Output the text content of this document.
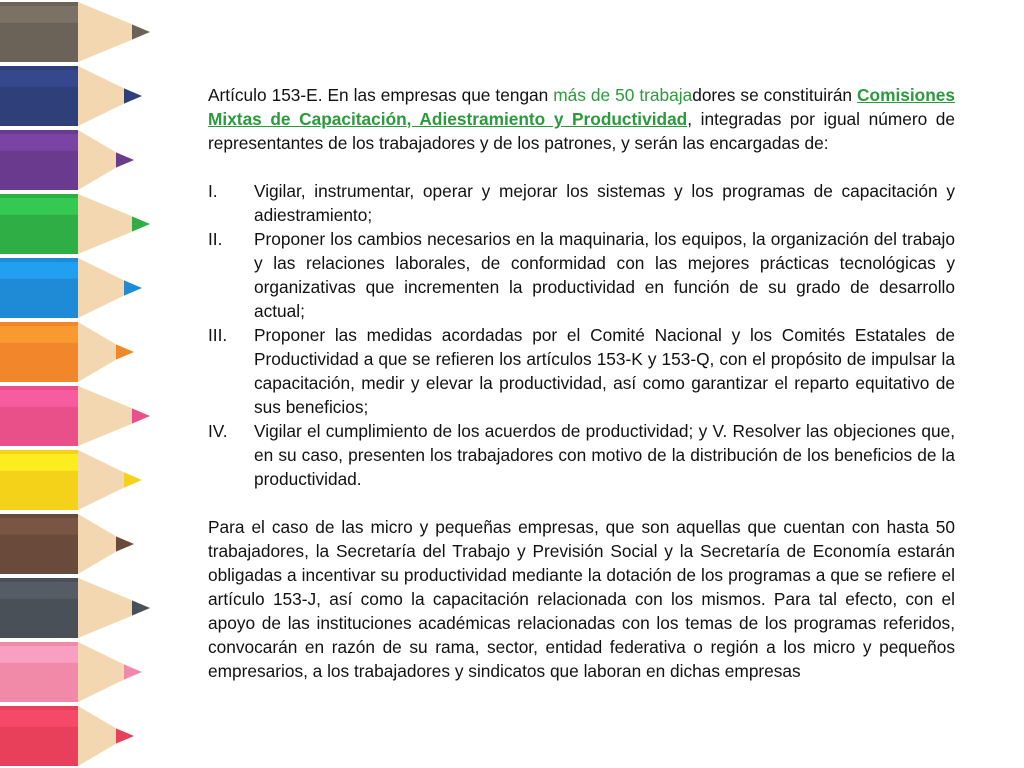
Artículo 153-E. En las empresas que tengan más de 50 trabajadores se constituirán Comisiones Mixtas de Capacitación, Adiestramiento y Productividad, integradas por igual número de representantes de los trabajadores y de los patrones, y serán las encargadas de:

I. Vigilar, instrumentar, operar y mejorar los sistemas y los programas de capacitación y adiestramiento;
II. Proponer los cambios necesarios en la maquinaria, los equipos, la organización del trabajo y las relaciones laborales, de conformidad con las mejores prácticas tecnológicas y organizativas que incrementen la productividad en función de su grado de desarrollo actual;
III. Proponer las medidas acordadas por el Comité Nacional y los Comités Estatales de Productividad a que se refieren los artículos 153-K y 153-Q, con el propósito de impulsar la capacitación, medir y elevar la productividad, así como garantizar el reparto equitativo de sus beneficios;
IV. Vigilar el cumplimiento de los acuerdos de productividad; y V. Resolver las objeciones que, en su caso, presenten los trabajadores con motivo de la distribución de los beneficios de la productividad.

Para el caso de las micro y pequeñas empresas, que son aquellas que cuentan con hasta 50 trabajadores, la Secretaría del Trabajo y Previsión Social y la Secretaría de Economía estarán obligadas a incentivar su productividad mediante la dotación de los programas a que se refiere el artículo 153-J, así como la capacitación relacionada con los mismos. Para tal efecto, con el apoyo de las instituciones académicas relacionadas con los temas de los programas referidos, convocarán en razón de su rama, sector, entidad federativa o región a los micro y pequeños empresarios, a los trabajadores y sindicatos que laboran en dichas empresas
